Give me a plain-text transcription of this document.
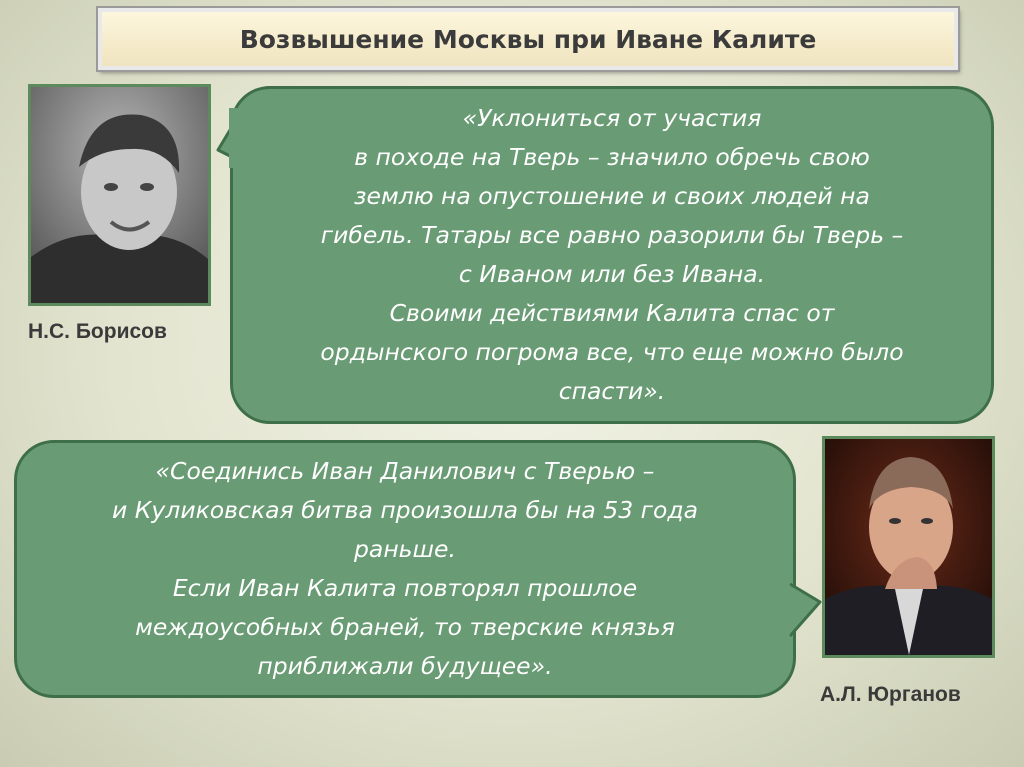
Возвышение Москвы при Иване Калите
Н.С. Борисов

«Уклониться от участия
в походе на Тверь – значило обречь свою
землю на опустошение и своих людей на
гибель. Татары все равно разорили бы Тверь –
с Иваном или без Ивана.
Своими действиями Калита спас от
ордынского погрома все, что еще можно было
спасти».

«Соединись Иван Данилович с Тверью –
и Куликовская битва произошла бы на 53 года
раньше.
Если Иван Калита повторял прошлое
междоусобных браней, то тверские князья
приближали будущее».

А.Л. Юрганов
